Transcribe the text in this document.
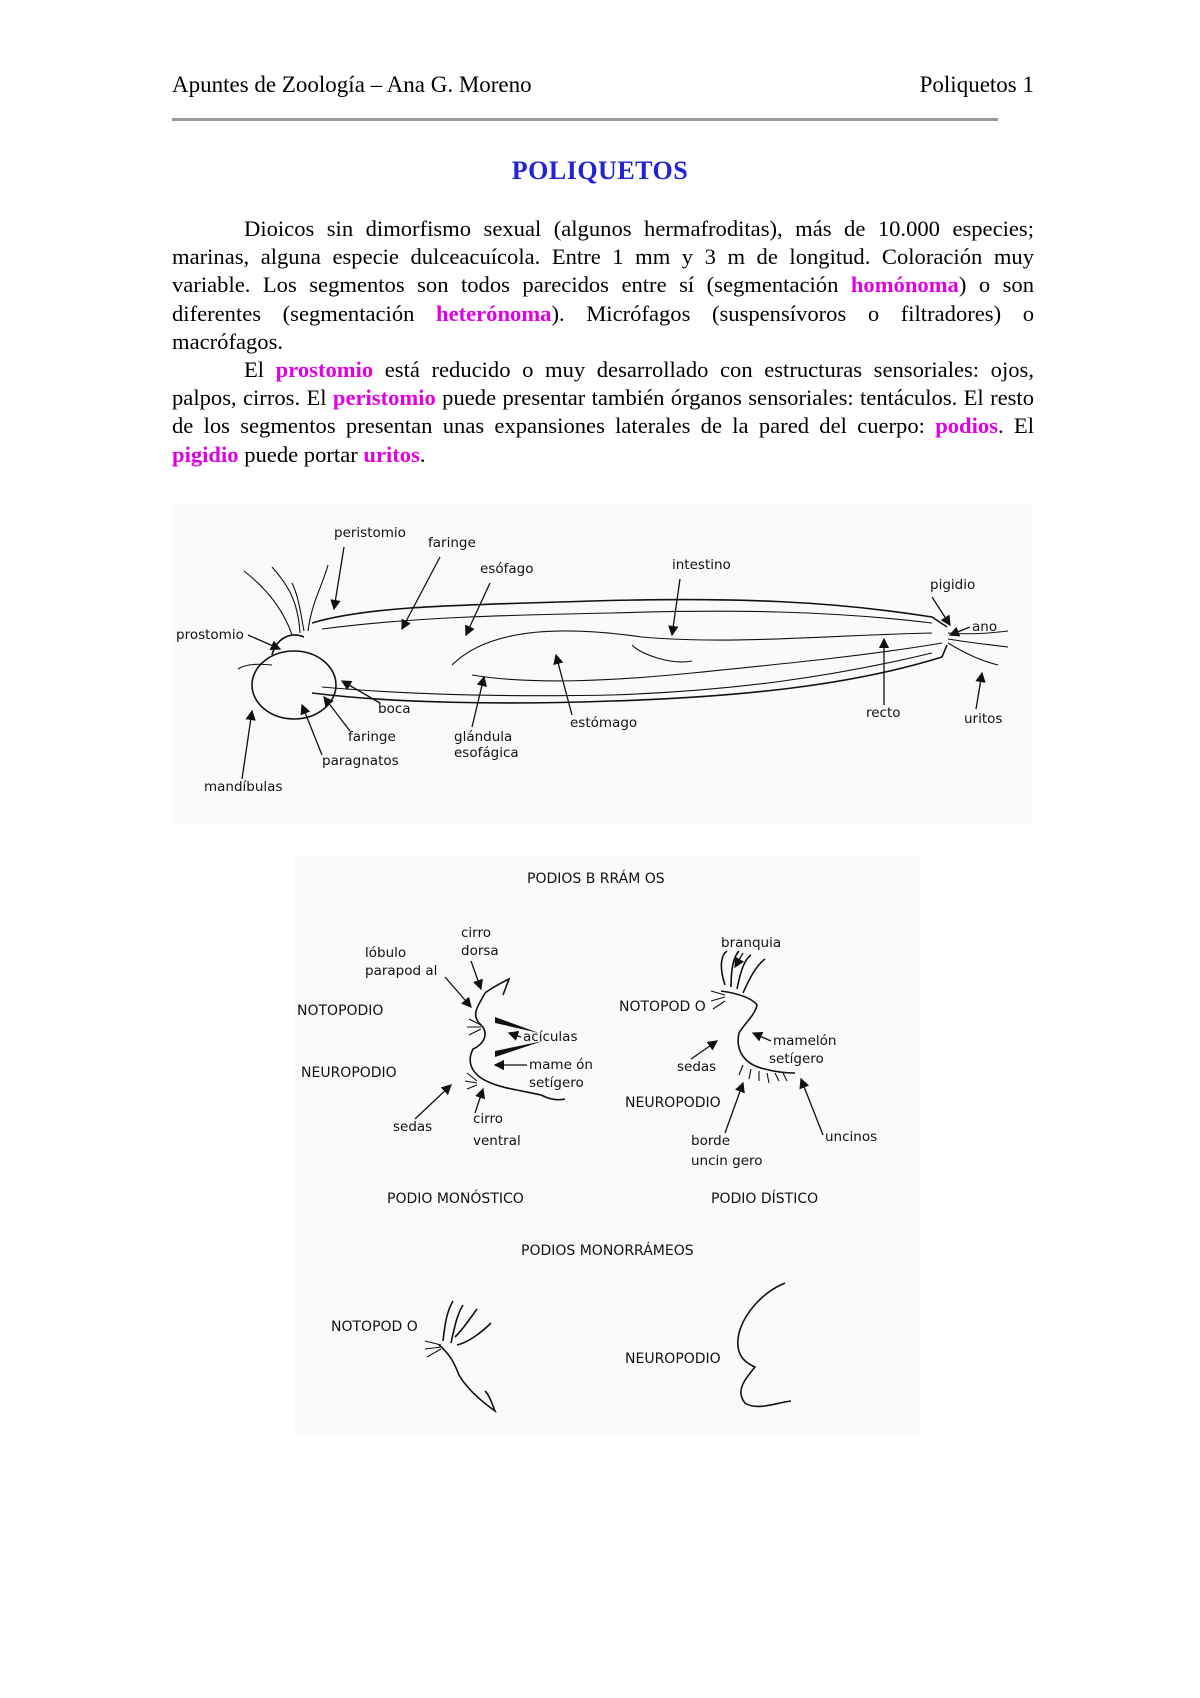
Apuntes de Zoología – Ana G. Moreno	Poliquetos 1
POLIQUETOS

Dioicos sin dimorfismo sexual (algunos hermafroditas), más de 10.000 especies; marinas, alguna especie dulceacuícola. Entre 1 mm y 3 m de longitud. Coloración muy variable. Los segmentos son todos parecidos entre sí (segmentación homónoma) o son diferentes (segmentación heterónoma). Micrófagos (suspensívoros o filtradores) o macrófagos.

El prostomio está reducido o muy desarrollado con estructuras sensoriales: ojos, palpos, cirros. El peristomio puede presentar también órganos sensoriales: tentáculos. El resto de los segmentos presentan unas expansiones laterales de la pared del cuerpo: podios. El pigidio puede portar uritos.

peristomio
faringe
esófago	intestino
pigidio
ano
prostomio
boca
faringe
paragnatos
mandíbulas
glándula
esofágica
estómago
recto	uritos
PODIOS B RRÁM OS
lóbulo
parapod al
cirro
dorsa
NOTOPODIO
acículas
NEUROPODIO	mame ón
setígero
sedas	cirro
ventral
PODIO MONÓSTICO
branquia
NOTOPOD O
mamelón
setígero
sedas
NEUROPODIO
uncinos
borde
uncin gero
PODIO DÍSTICO
PODIOS MONORRÁMEOS
NOTOPOD O
NEUROPODIO
